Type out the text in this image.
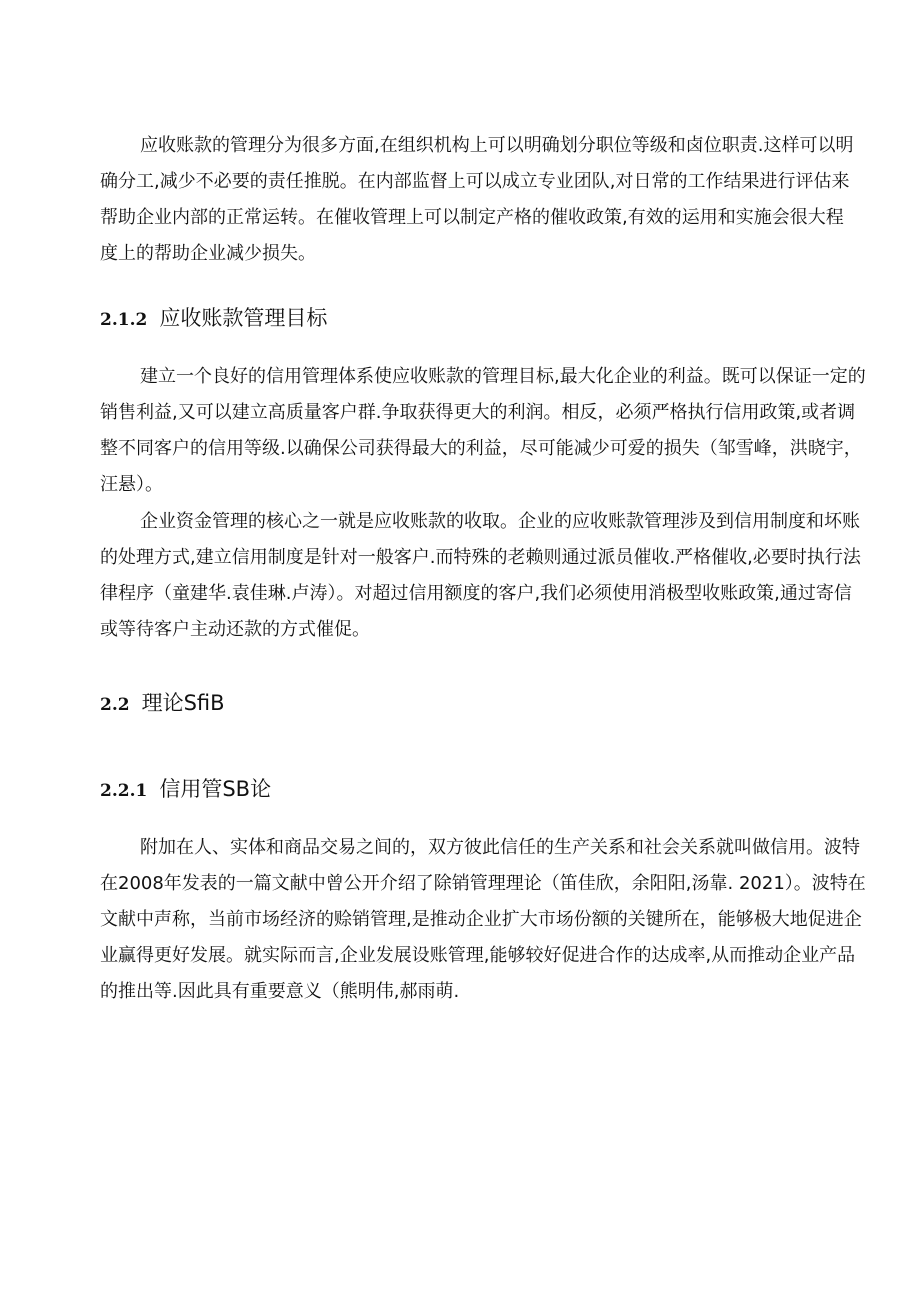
应收账款的管理分为很多方面,在组织机构上可以明确划分职位等级和卤位职责.这样可以明
确分工,减少不必要的责任推脱。在内部监督上可以成立专业团队,对日常的工作结果进行评估来
帮助企业内部的正常运转。在催收管理上可以制定产格的催收政策,有效的运用和实施会很大程
度上的帮助企业减少损失。
2.1.2 应收账款管理目标
建立一个良好的信用管理体系使应收账款的管理目标,最大化企业的利益。既可以保证一定的
销售利益,又可以建立高质量客户群.争取获得更大的利润。相反，必须严格执行信用政策,或者调
整不同客户的信用等级.以确保公司获得最大的利益，尽可能减少可爱的损失（邹雪峰，洪晓宇，
汪悬）。
企业资金管理的核心之一就是应收账款的收取。企业的应收账款管理涉及到信用制度和坏账
的处理方式,建立信用制度是针对一般客户.而特殊的老赖则通过派员催收.严格催收,必要时执行法
律程序（童建华.袁佳琳.卢涛）。对超过信用额度的客户,我们必须使用消极型收账政策,通过寄信
或等待客户主动还款的方式催促。
2.2 理论SfiB
2.2.1 信用管SB论
附加在人、实体和商品交易之间的，双方彼此信任的生产关系和社会关系就叫做信用。波特
在2008年发表的一篇文献中曾公开介绍了除销管理理论（笛佳欣，余阳阳,汤靠. 2021）。波特在
文献中声称，当前市场经济的赊销管理,是推动企业扩大市场份额的关键所在，能够极大地促进企
业赢得更好发展。就实际而言,企业发展设账管理,能够较好促进合作的达成率,从而推动企业产品
的推出等.因此具有重要意义（熊明伟,郝雨萌.
